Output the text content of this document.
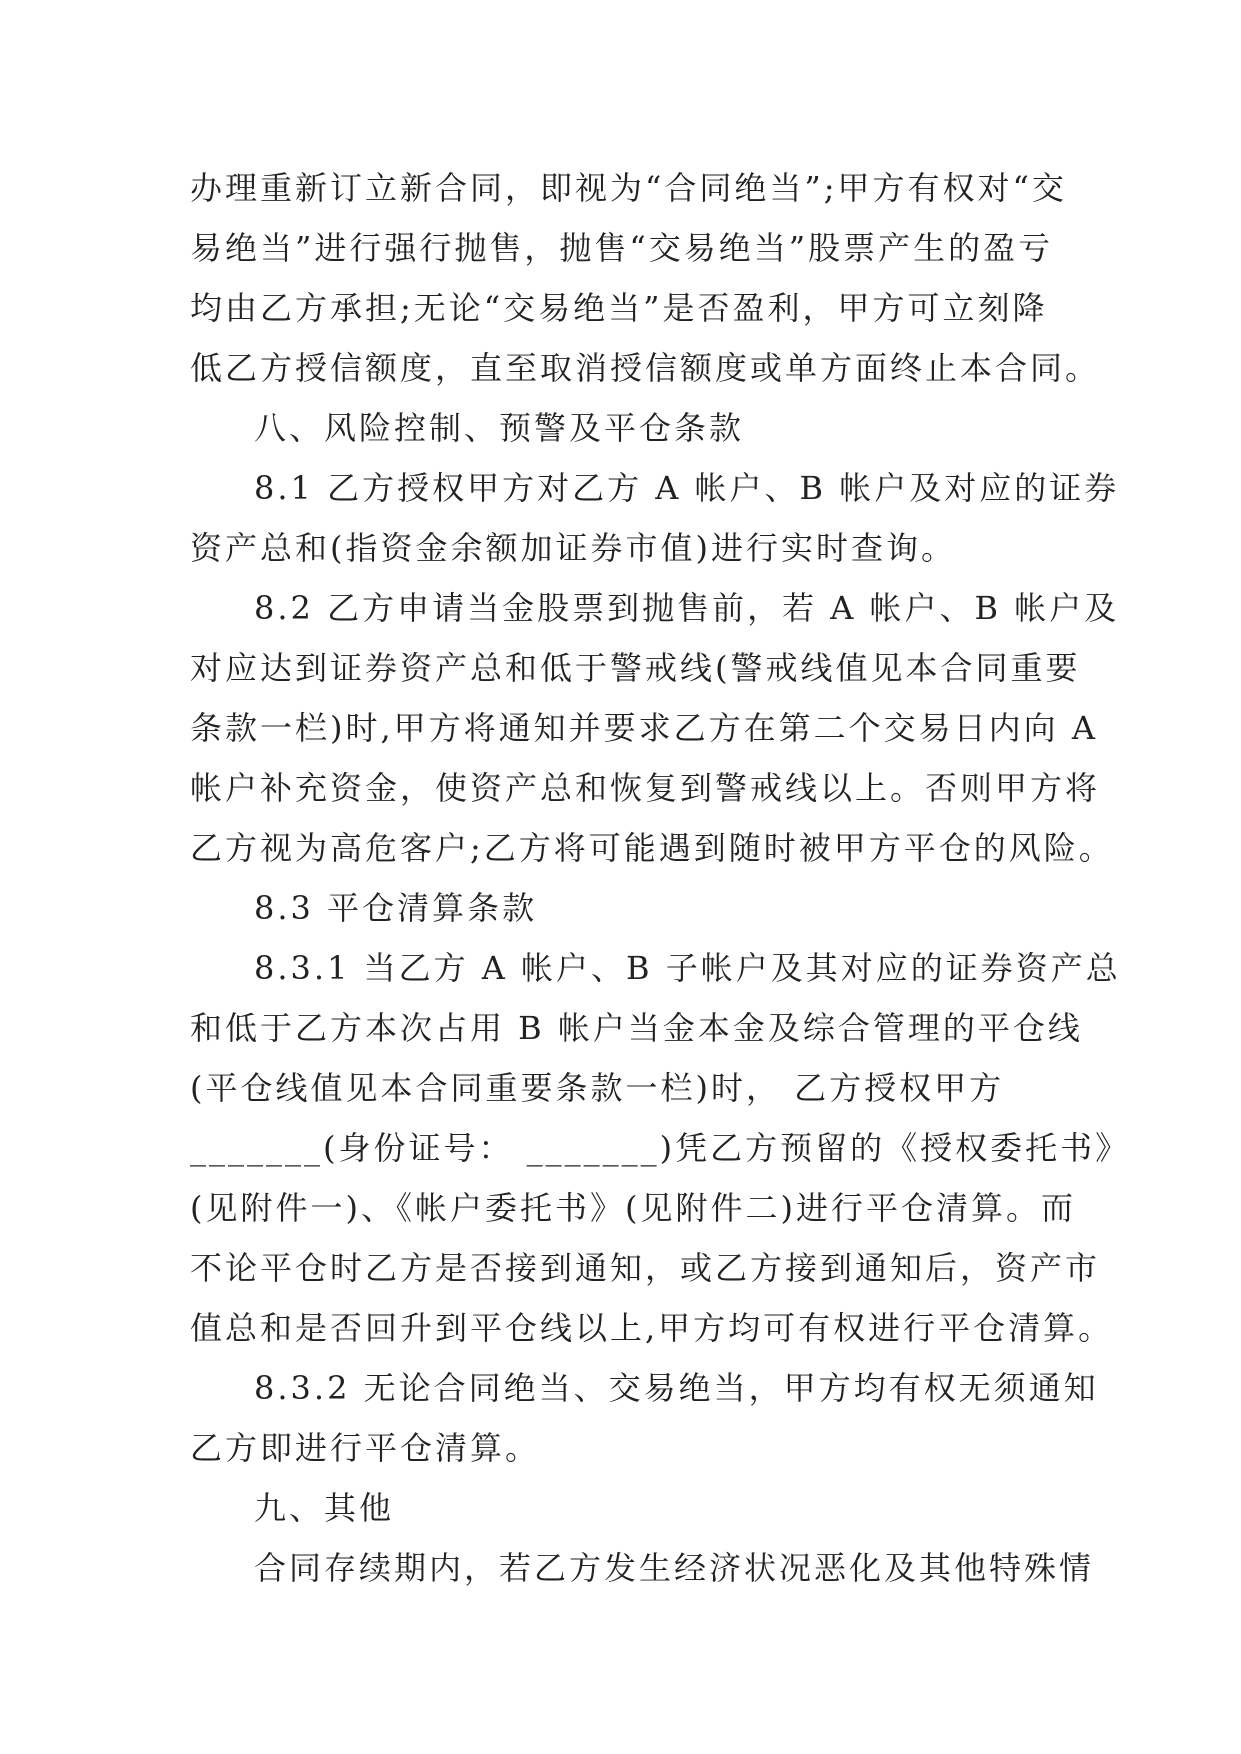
办理重新订立新合同，即视为“合同绝当”;甲方有权对“交
易绝当”进行强行抛售，抛售“交易绝当”股票产生的盈亏
均由乙方承担;无论“交易绝当”是否盈利，甲方可立刻降
低乙方授信额度，直至取消授信额度或单方面终止本合同。
八、风险控制、预警及平仓条款
8.1 乙方授权甲方对乙方 A 帐户、B 帐户及对应的证券
资产总和(指资金余额加证券市值)进行实时查询。
8.2 乙方申请当金股票到抛售前，若 A 帐户、B 帐户及
对应达到证券资产总和低于警戒线(警戒线值见本合同重要
条款一栏)时,甲方将通知并要求乙方在第二个交易日内向 A
帐户补充资金，使资产总和恢复到警戒线以上。否则甲方将
乙方视为高危客户;乙方将可能遇到随时被甲方平仓的风险。
8.3 平仓清算条款
8.3.1 当乙方 A 帐户、B 子帐户及其对应的证券资产总
和低于乙方本次占用 B 帐户当金本金及综合管理的平仓线
(平仓线值见本合同重要条款一栏)时， 乙方授权甲方
_______(身份证号： _______)凭乙方预留的《授权委托书》
(见附件一)、《帐户委托书》(见附件二)进行平仓清算。而
不论平仓时乙方是否接到通知，或乙方接到通知后，资产市
值总和是否回升到平仓线以上,甲方均可有权进行平仓清算。
8.3.2 无论合同绝当、交易绝当，甲方均有权无须通知
乙方即进行平仓清算。
九、其他
合同存续期内，若乙方发生经济状况恶化及其他特殊情
